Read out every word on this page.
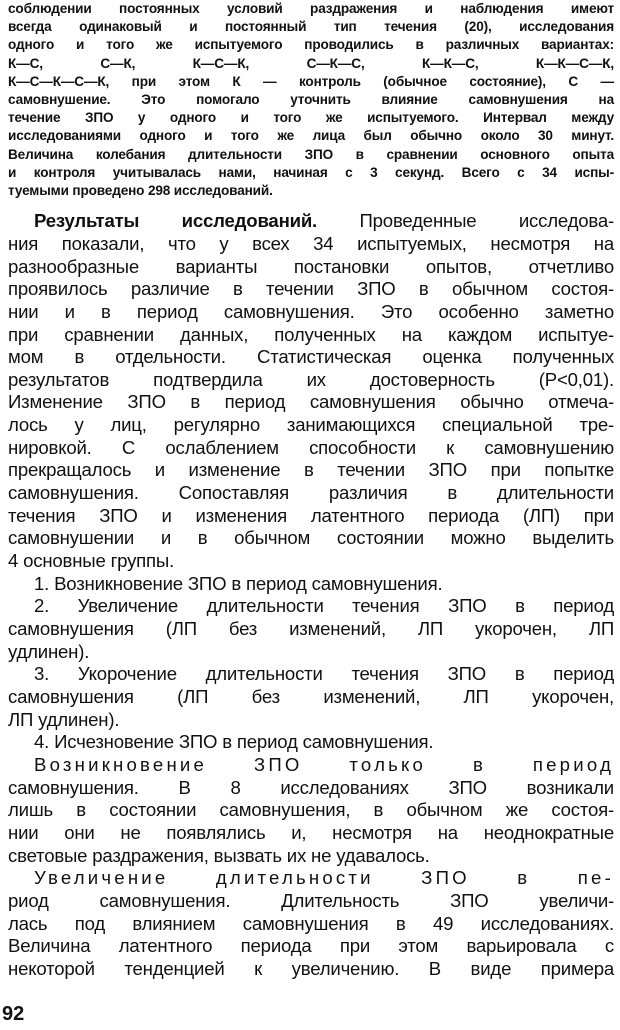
соблюдении постоянных условий раздражения и наблюдения имеют
всегда одинаковый и постоянный тип течения (20), исследования
одного и того же испытуемого проводились в различных вариантах:
К—С, С—К, К—С—К, С—К—С, К—К—С, К—К—С—К,
К—С—К—С—К, при этом К — контроль (обычное состояние), С —
самовнушение. Это помогало уточнить влияние самовнушения на
течение ЗПО у одного и того же испытуемого. Интервал между
исследованиями одного и того же лица был обычно около 30 минут.
Величина колебания длительности ЗПО в сравнении основного опыта
и контроля учитывалась нами, начиная с 3 секунд. Всего с 34 испы-
туемыми проведено 298 исследований.
Результаты исследований. Проведенные исследова-
ния показали, что у всех 34 испытуемых, несмотря на
разнообразные варианты постановки опытов, отчетливо
проявилось различие в течении ЗПО в обычном состоя-
нии и в период самовнушения. Это особенно заметно
при сравнении данных, полученных на каждом испытуе-
мом в отдельности. Статистическая оценка полученных
результатов подтвердила их достоверность (P<0,01).
Изменение ЗПО в период самовнушения обычно отмеча-
лось у лиц, регулярно занимающихся специальной тре-
нировкой. С ослаблением способности к самовнушению
прекращалось и изменение в течении ЗПО при попытке
самовнушения. Сопоставляя различия в длительности
течения ЗПО и изменения латентного периода (ЛП) при
самовнушении и в обычном состоянии можно выделить
4 основные группы.
1. Возникновение ЗПО в период самовнушения.
2. Увеличение длительности течения ЗПО в период
самовнушения (ЛП без изменений, ЛП укорочен, ЛП
удлинен).
3. Укорочение длительности течения ЗПО в период
самовнушения (ЛП без изменений, ЛП укорочен,
ЛП удлинен).
4. Исчезновение ЗПО в период самовнушения.
Возникновение ЗПО только в период
самовнушения. В 8 исследованиях ЗПО возникали
лишь в состоянии самовнушения, в обычном же состоя-
нии они не появлялись и, несмотря на неоднократные
световые раздражения, вызвать их не удавалось.
Увеличение длительности ЗПО в пе-
риод самовнушения. Длительность ЗПО увеличи-
лась под влиянием самовнушения в 49 исследованиях.
Величина латентного периода при этом варьировала с
некоторой тенденцией к увеличению. В виде примера
92
